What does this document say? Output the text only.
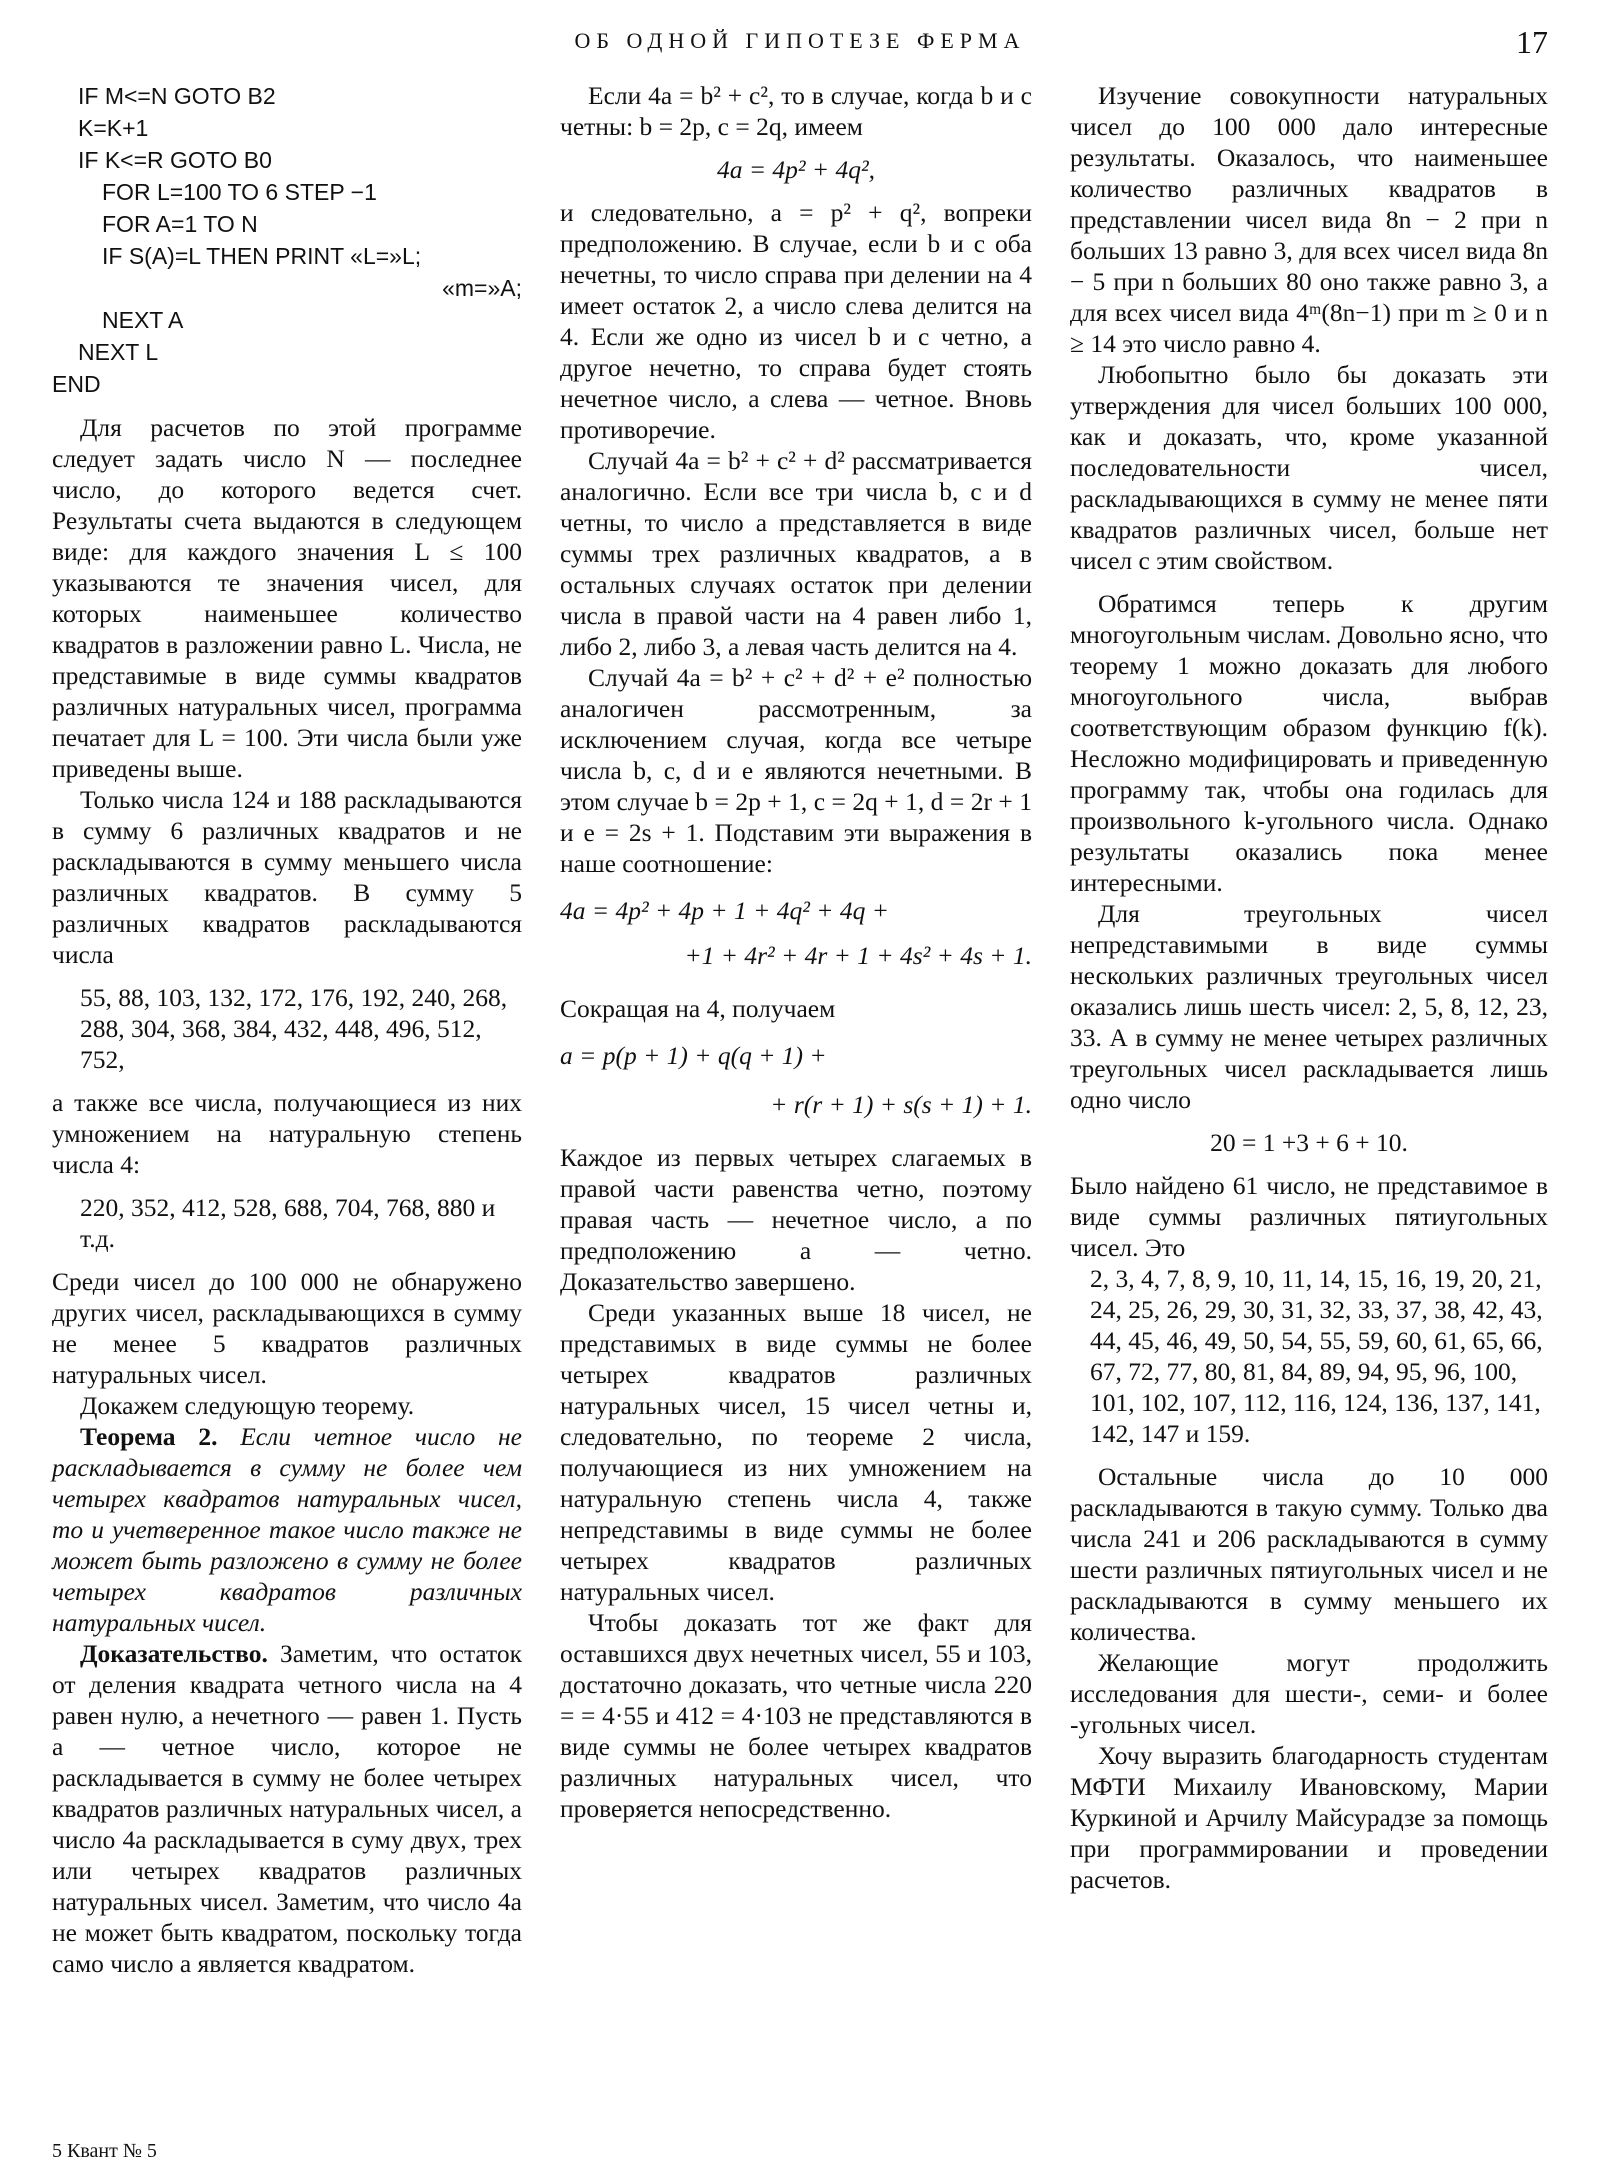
ОБ ОДНОЙ ГИПОТЕЗЕ ФЕРМА	17
IF M<=N GOTO B2
K=K+1
IF K<=R GOTO B0
FOR L=100 TO 6 STEP −1
FOR A=1 TO N
IF S(A)=L THEN PRINT «L=»L;
«m=»A;
NEXT A
NEXT L
END

Для расчетов по этой программе следует задать число N — последнее число, до которого ведется счет. Результаты счета выдаются в следующем виде: для каждого значения L ≤ 100 указываются те значения чисел, для которых наименьшее количество квадратов в разложении равно L. Числа, не представимые в виде суммы квадратов различных натуральных чисел, программа печатает для L = 100. Эти числа были уже приведены выше.

Только числа 124 и 188 раскладываются в сумму 6 различных квадратов и не раскладываются в сумму меньшего числа различных квадратов. В сумму 5 различных квадратов раскладываются числа

55, 88, 103, 132, 172, 176, 192, 240, 268, 288, 304, 368, 384, 432, 448, 496, 512, 752,

а также все числа, получающиеся из них умножением на натуральную степень числа 4:

220, 352, 412, 528, 688, 704, 768, 880 и т.д.

Среди чисел до 100 000 не обнаружено других чисел, раскладывающихся в сумму не менее 5 квадратов различных натуральных чисел.

Докажем следующую теорему.

Теорема 2. Если четное число не раскладывается в сумму не более чем четырех квадратов натуральных чисел, то и учетверенное такое число также не может быть разложено в сумму не более четырех квадратов различных натуральных чисел.

Доказательство. Заметим, что остаток от деления квадрата четного числа на 4 равен нулю, а нечетного — равен 1. Пусть a — четное число, которое не раскладывается в сумму не более четырех квадратов различных натуральных чисел, а число 4a раскладывается в суму двух, трех или четырех квадратов различных натуральных чисел. Заметим, что число 4a не может быть квадратом, поскольку тогда само число a является квадратом.

Если 4a = b² + c², то в случае, когда b и c четны: b = 2p, c = 2q, имеем

4a = 4p² + 4q²,

и следовательно, a = p² + q², вопреки предположению. В случае, если b и c оба нечетны, то число справа при делении на 4 имеет остаток 2, а число слева делится на 4. Если же одно из чисел b и c четно, а другое нечетно, то справа будет стоять нечетное число, а слева — четное. Вновь противоречие.

Случай 4a = b² + c² + d² рассматривается аналогично. Если все три числа b, c и d четны, то число a представляется в виде суммы трех различных квадратов, а в остальных случаях остаток при делении числа в правой части на 4 равен либо 1, либо 2, либо 3, а левая часть делится на 4.

Случай 4a = b² + c² + d² + e² полностью аналогичен рассмотренным, за исключением случая, когда все четыре числа b, c, d и e являются нечетными. В этом случае b = 2p + 1, c = 2q + 1, d = 2r + 1 и e = 2s + 1. Подставим эти выражения в наше соотношение:

4a = 4p² + 4p + 1 + 4q² + 4q +

+1 + 4r² + 4r + 1 + 4s² + 4s + 1.

Сокращая на 4, получаем

a = p(p + 1) + q(q + 1) +

+ r(r + 1) + s(s + 1) + 1.

Каждое из первых четырех слагаемых в правой части равенства четно, поэтому правая часть — нечетное число, а по предположению a — четно. Доказательство завершено.

Среди указанных выше 18 чисел, не представимых в виде суммы не более четырех квадратов различных натуральных чисел, 15 чисел четны и, следовательно, по теореме 2 числа, получающиеся из них умножением на натуральную степень числа 4, также непредставимы в виде суммы не более четырех квадратов различных натуральных чисел.

Чтобы доказать тот же факт для оставшихся двух нечетных чисел, 55 и 103, достаточно доказать, что четные числа 220 = = 4·55 и 412 = 4·103 не представляются в виде суммы не более четырех квадратов различных натуральных чисел, что проверяется непосредственно.

Изучение совокупности натуральных чисел до 100 000 дало интересные результаты. Оказалось, что наименьшее количество различных квадратов в представлении чисел вида 8n − 2 при n больших 13 равно 3, для всех чисел вида 8n − 5 при n больших 80 оно также равно 3, а для всех чисел вида 4ᵐ(8n−1) при m ≥ 0 и n ≥ 14 это число равно 4.

Любопытно было бы доказать эти утверждения для чисел больших 100 000, как и доказать, что, кроме указанной последовательности чисел, раскладывающихся в сумму не менее пяти квадратов различных чисел, больше нет чисел с этим свойством.

Обратимся теперь к другим многоугольным числам. Довольно ясно, что теорему 1 можно доказать для любого многоугольного числа, выбрав соответствующим образом функцию f(k). Несложно модифицировать и приведенную программу так, чтобы она годилась для произвольного k-угольного числа. Однако результаты оказались пока менее интересными.

Для треугольных чисел непредставимыми в виде суммы нескольких различных треугольных чисел оказались лишь шесть чисел: 2, 5, 8, 12, 23, 33. А в сумму не менее четырех различных треугольных чисел раскладывается лишь одно число

20 = 1 +3 + 6 + 10.

Было найдено 61 число, не представимое в виде суммы различных пятиугольных чисел. Это

2, 3, 4, 7, 8, 9, 10, 11, 14, 15, 16, 19, 20, 21, 24, 25, 26, 29, 30, 31, 32, 33, 37, 38, 42, 43, 44, 45, 46, 49, 50, 54, 55, 59, 60, 61, 65, 66, 67, 72, 77, 80, 81, 84, 89, 94, 95, 96, 100, 101, 102, 107, 112, 116, 124, 136, 137, 141, 142, 147 и 159.

Остальные числа до 10 000 раскладываются в такую сумму. Только два числа 241 и 206 раскладываются в сумму шести различных пятиугольных чисел и не раскладываются в сумму меньшего их количества.

Желающие могут продолжить исследования для шести-, семи- и более -угольных чисел.

Хочу выразить благодарность студентам МФТИ Михаилу Ивановскому, Марии Куркиной и Арчилу Майсурадзе за помощь при программировании и проведении расчетов.

5 Квант № 5
